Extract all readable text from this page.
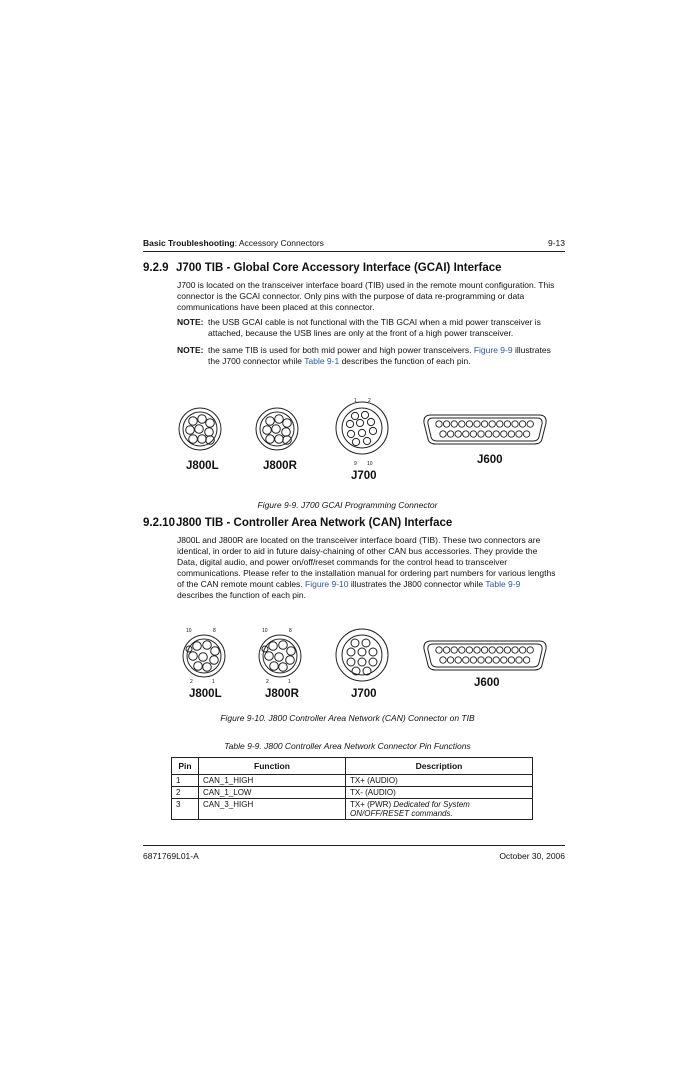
Basic Troubleshooting: Accessory Connectors	9-13
9.2.9 J700 TIB - Global Core Accessory Interface (GCAI) Interface
J700 is located on the transceiver interface board (TIB) used in the remote mount configuration. This
connector is the GCAI connector. Only pins with the purpose of data re-programming or data
communications have been placed at this connector.
NOTE: the USB GCAI cable is not functional with the TIB GCAI when a mid power transceiver is
attached, because the USB lines are only at the front of a high power transceiver.
NOTE: the same TIB is used for both mid power and high power transceivers. Figure 9-9 illustrates
the J700 connector while Table 9-1 describes the function of each pin.
J800L	J800R
J700
J600
1 2
9 10
Figure 9-9. J700 GCAI Programming Connector
9.2.10J800 TIB - Controller Area Network (CAN) Interface
J800L and J800R are located on the transceiver interface board (TIB). These two connectors are
identical, in order to aid in future daisy-chaining of other CAN bus accessories. They provide the
Data, digital audio, and power on/off/reset commands for the control head to transceiver
communications. Please refer to the installation manual for ordering part numbers for various lengths
of the CAN remote mount cables. Figure 9-10 illustrates the J800 connector while Table 9-9
describes the function of each pin.
J800L	J800R	J700
J600
10	8
2	1
10	8
2	1
Figure 9-10. J800 Controller Area Network (CAN) Connector on TIB
Table 9-9. J800 Controller Area Network Connector Pin Functions
Pin	Function	Description
1	CAN_1_HIGH	TX+ (AUDIO)
2	CAN_1_LOW	TX- (AUDIO)
3	CAN_3_HIGH	TX+ (PWR) Dedicated for System ON/OFF/RESET commands.
6871769L01-A	October 30, 2006
